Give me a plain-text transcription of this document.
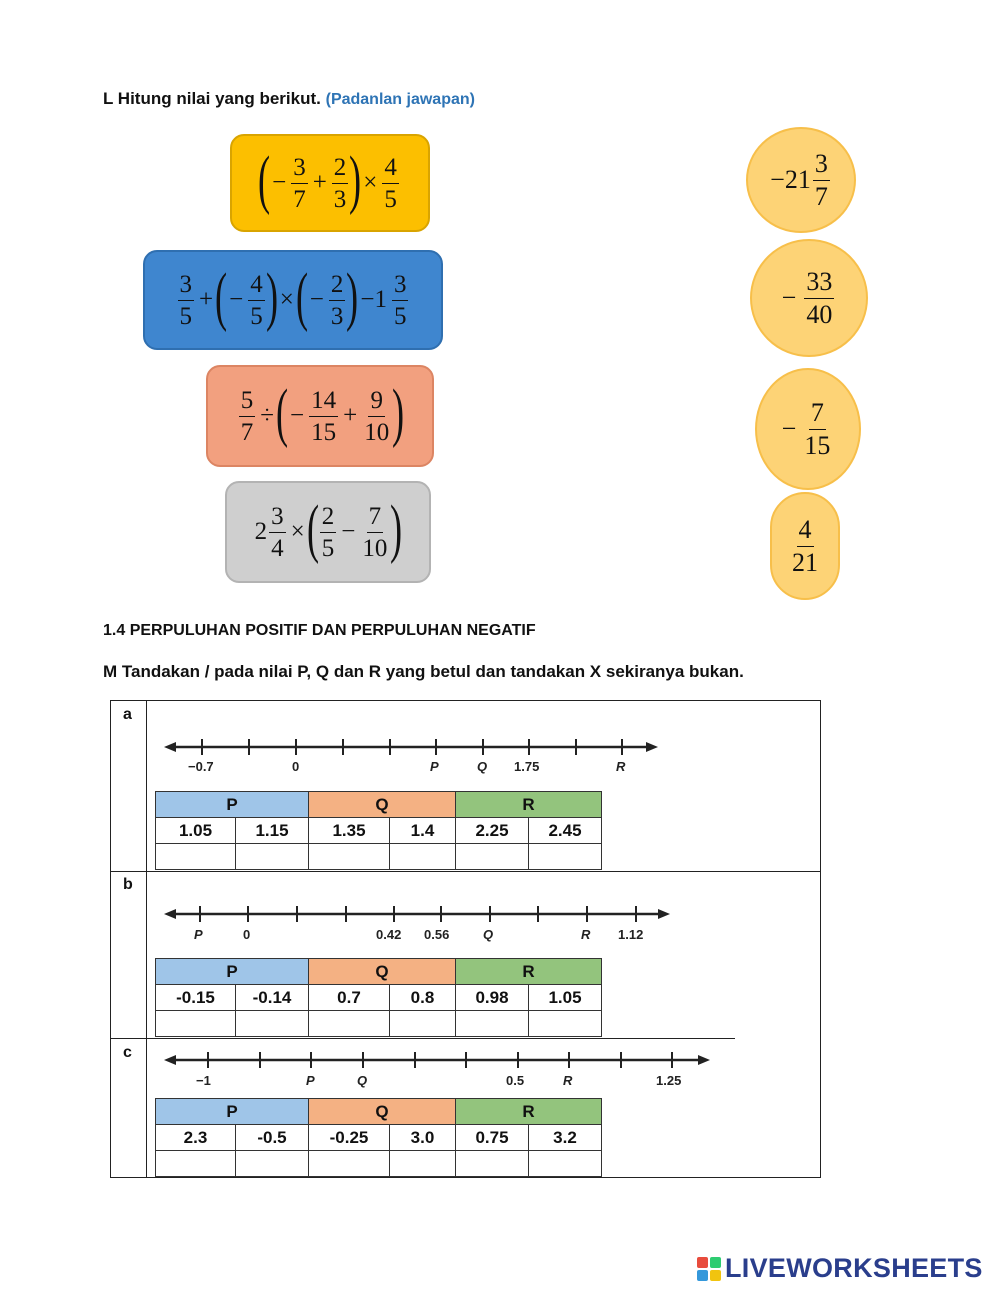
L Hitung nilai yang berikut. (Padanlan jawapan)
( − $\frac{3}{7} + \frac{2}{3}$ ) × $\frac{4}{5}$
$\frac{3}{5}$ + ( − $\frac{4}{5}$ ) × ( − $\frac{2}{3}$ ) $-1 \frac{3}{5}$
$\frac{5}{7}$ ÷ ( − $\frac{14}{15} + \frac{9}{10}$ )
$2 \frac{3}{4}$ × ( $\frac{2}{5} - \frac{7}{10}$ )
$-21 \frac{3}{7}$
− $\frac{33}{40}$
− $\frac{7}{15}$
$\frac{4}{21}$
1.4 PERPULUHAN POSITIF DAN PERPULUHAN NEGATIF
M Tandakan / pada nilai P, Q dan R yang betul dan tandakan X sekiranya bukan.
a
b
c
−0.7	0	P	Q 1.75	R
P		Q		R	
1.05	1.15	1.35	1.4	2.25	2.45

P	0	0.42 0.56	Q	R 1.12
P		Q		R	
-0.15	-0.14	0.7	0.8	0.98	1.05

−1	P	Q	0.5	R	1.25
P		Q		R	
2.3	-0.5	-0.25	3.0	0.75	3.2

LIVEWORKSHEETS
